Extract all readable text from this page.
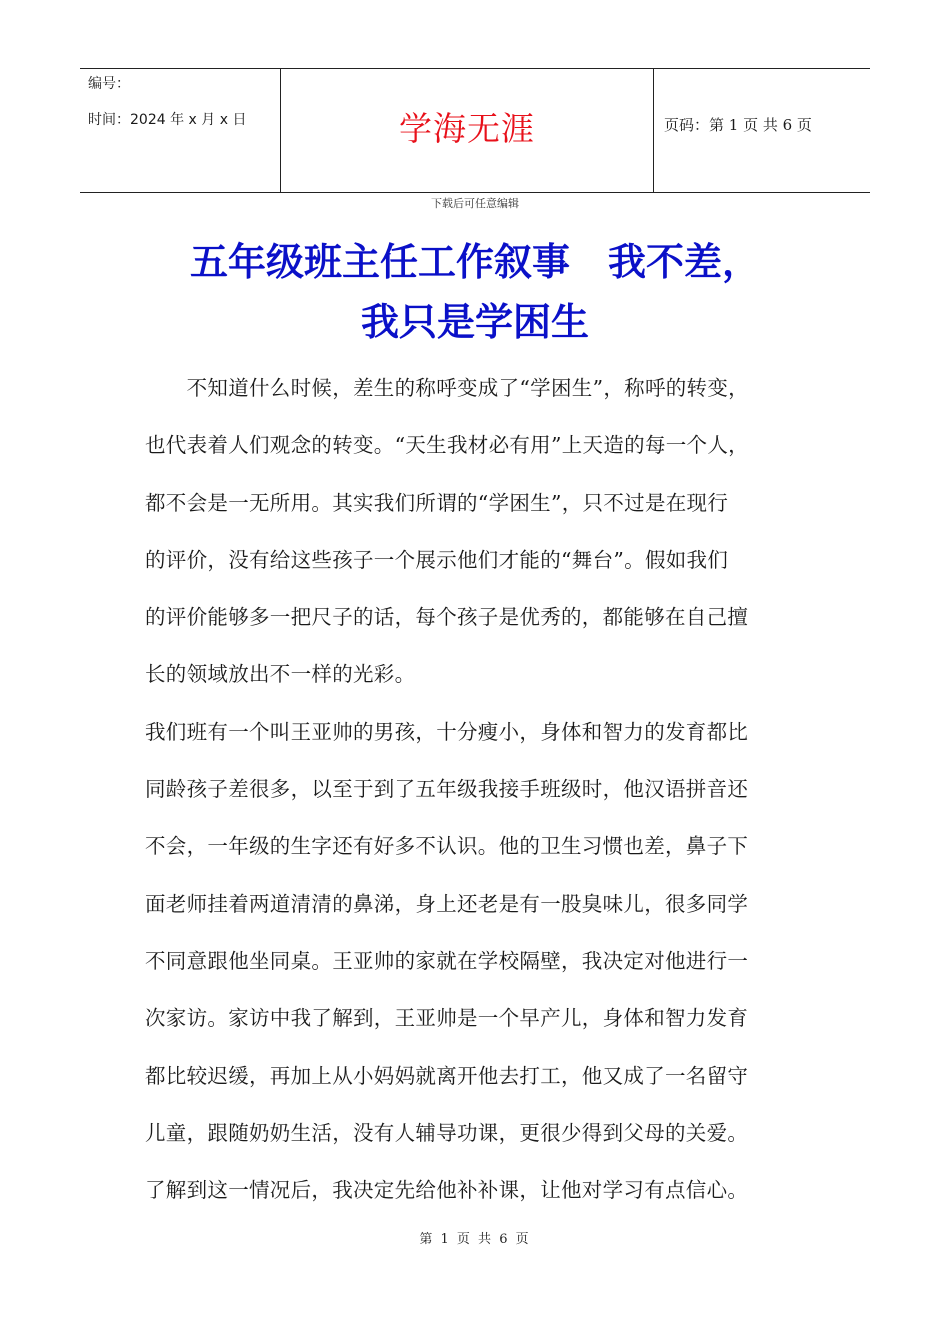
编号：
时间：2024 年 x 月 x 日	学海无涯	页码：第 1 页 共 6 页
下载后可任意编辑
五年级班主任工作叙事　我不差，
我只是学困生
　　不知道什么时候，差生的称呼变成了“学困生”，称呼的转变，
也代表着人们观念的转变。“天生我材必有用”上天造的每一个人，
都不会是一无所用。其实我们所谓的“学困生”，只不过是在现行
的评价，没有给这些孩子一个展示他们才能的“舞台”。假如我们
的评价能够多一把尺子的话，每个孩子是优秀的，都能够在自己擅
长的领域放出不一样的光彩。
我们班有一个叫王亚帅的男孩，十分瘦小，身体和智力的发育都比
同龄孩子差很多，以至于到了五年级我接手班级时，他汉语拼音还
不会，一年级的生字还有好多不认识。他的卫生习惯也差，鼻子下
面老师挂着两道清清的鼻涕，身上还老是有一股臭味儿，很多同学
不同意跟他坐同桌。王亚帅的家就在学校隔壁，我决定对他进行一
次家访。家访中我了解到，王亚帅是一个早产儿，身体和智力发育
都比较迟缓，再加上从小妈妈就离开他去打工，他又成了一名留守
儿童，跟随奶奶生活，没有人辅导功课，更很少得到父母的关爱。
了解到这一情况后，我决定先给他补补课，让他对学习有点信心。
第 1 页 共 6 页
